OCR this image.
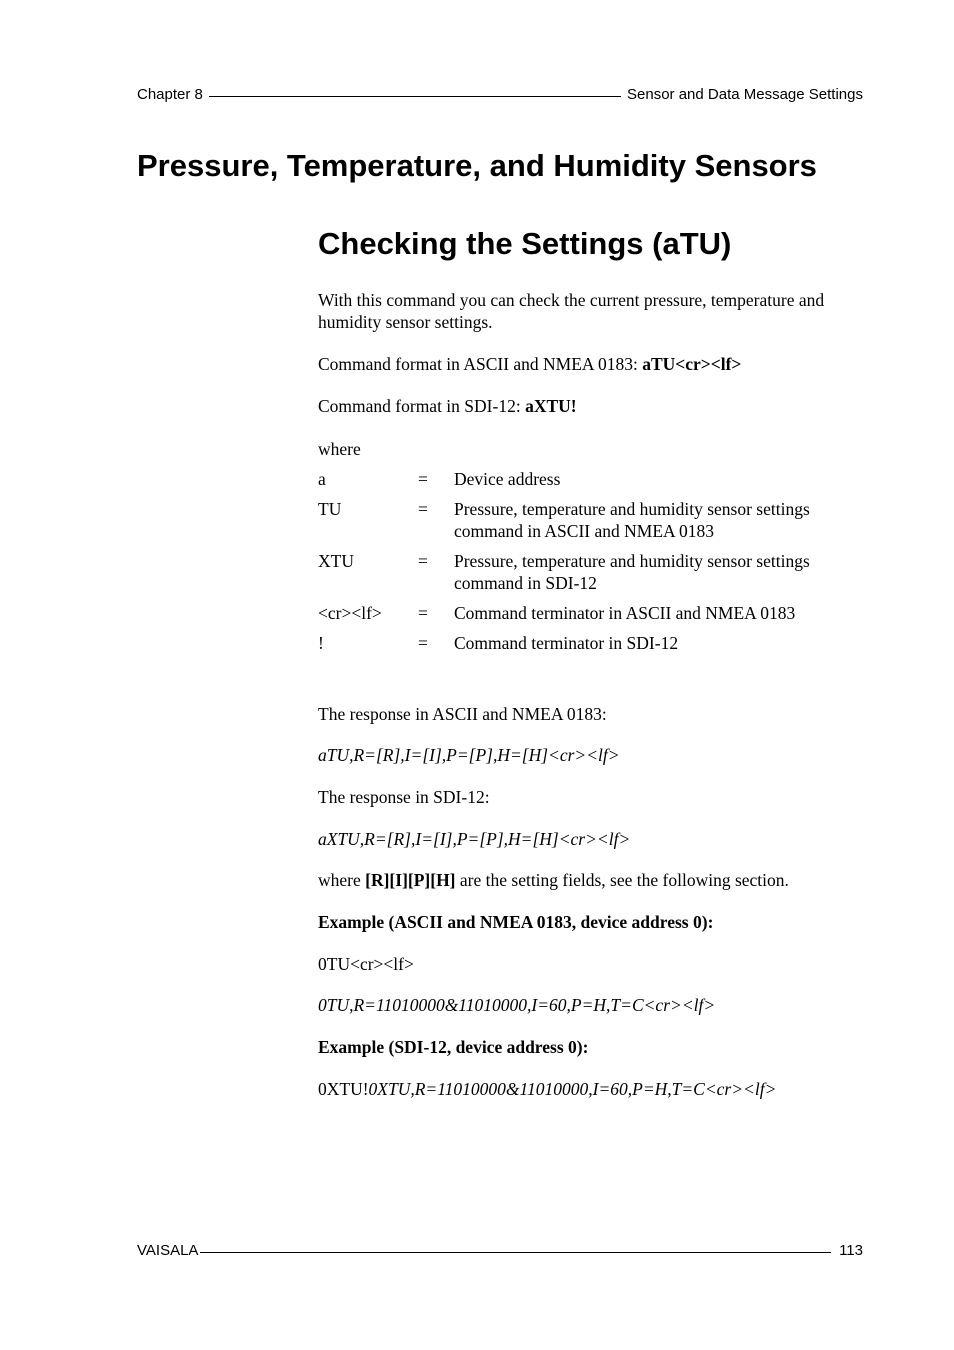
Chapter 8	Sensor and Data Message Settings
Pressure, Temperature, and Humidity Sensors
Checking the Settings (aTU)

With this command you can check the current pressure, temperature and humidity sensor settings.

Command format in ASCII and NMEA 0183: aTU<cr><lf>

Command format in SDI-12: aXTU!

where

a	=	Device address
TU	=	Pressure, temperature and humidity sensor settings command in ASCII and NMEA 0183
XTU	=	Pressure, temperature and humidity sensor settings command in SDI-12
<cr><lf>	=	Command terminator in ASCII and NMEA 0183
!	=	Command terminator in SDI-12

The response in ASCII and NMEA 0183:

aTU,R=[R],I=[I],P=[P],H=[H]<cr><lf>

The response in SDI-12:

aXTU,R=[R],I=[I],P=[P],H=[H]<cr><lf>

where [R][I][P][H] are the setting fields, see the following section.

Example (ASCII and NMEA 0183, device address 0):

0TU<cr><lf>

0TU,R=11010000&11010000,I=60,P=H,T=C<cr><lf>

Example (SDI-12, device address 0):

0XTU!0XTU,R=11010000&11010000,I=60,P=H,T=C<cr><lf>

VAISALA	113
